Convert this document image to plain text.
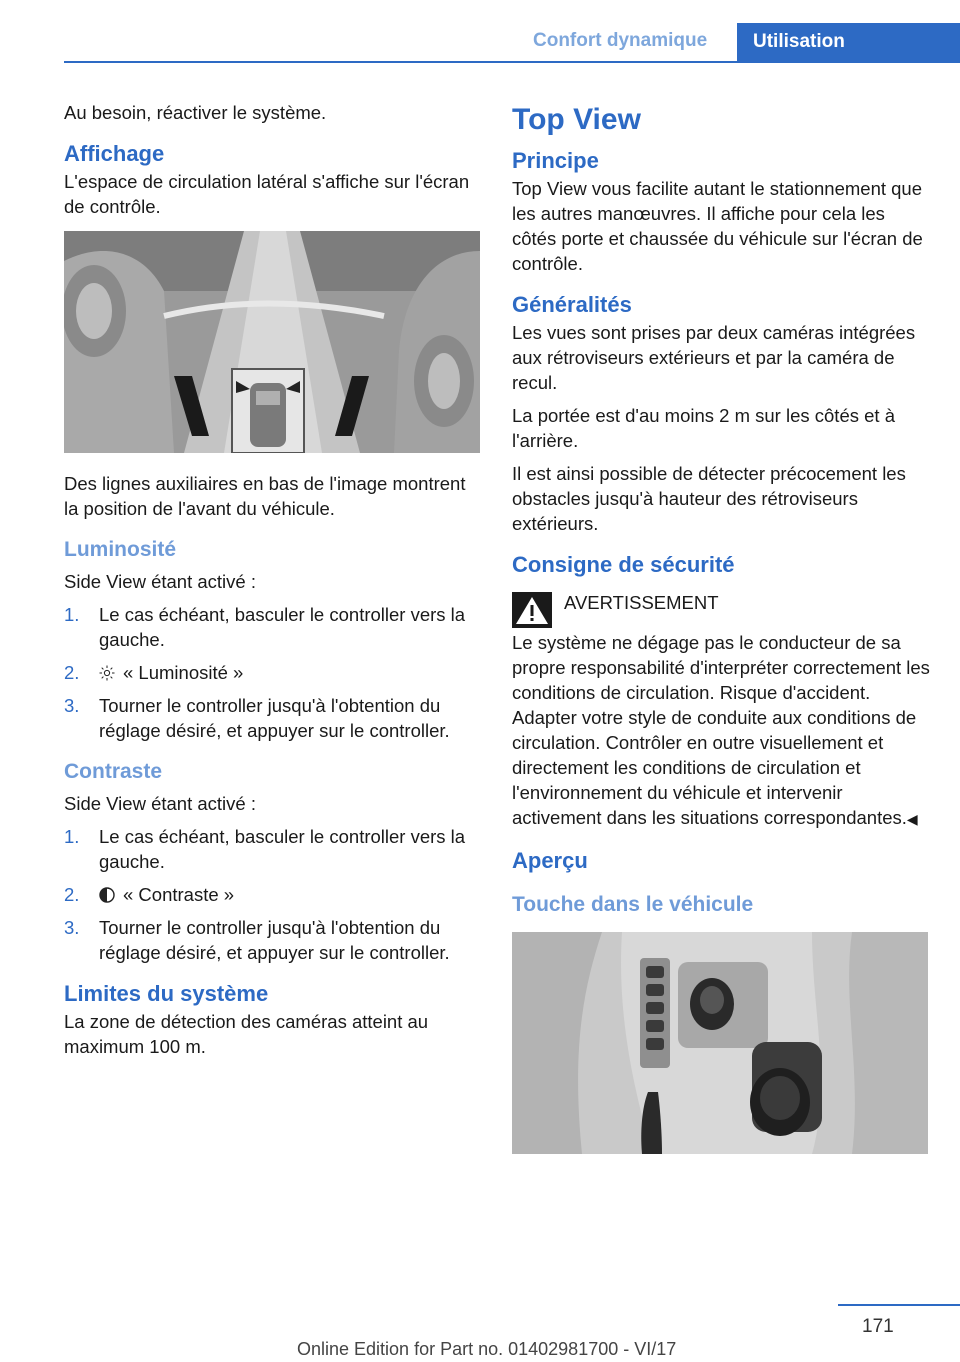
Confort dynamique Utilisation

Au besoin, réactiver le système.

Affichage

L'espace de circulation latéral s'affiche sur l'écran de contrôle.

Des lignes auxiliaires en bas de l'image montrent la position de l'avant du véhicule.

Luminosité

Side View étant activé :

1. Le cas échéant, basculer le controller vers la gauche.
2. « Luminosité »
3. Tourner le controller jusqu'à l'obtention du réglage désiré, et appuyer sur le controller.
Contraste

Side View étant activé :

1. Le cas échéant, basculer le controller vers la gauche.
2. « Contraste »
3. Tourner le controller jusqu'à l'obtention du réglage désiré, et appuyer sur le controller.
Limites du système

La zone de détection des caméras atteint au maximum 100 m.

Top View
Principe

Top View vous facilite autant le stationnement que les autres manœuvres. Il affiche pour cela les côtés porte et chaussée du véhicule sur l'écran de contrôle.

Généralités

Les vues sont prises par deux caméras intégrées aux rétroviseurs extérieurs et par la caméra de recul.

La portée est d'au moins 2 m sur les côtés et à l'arrière.

Il est ainsi possible de détecter précocement les obstacles jusqu'à hauteur des rétroviseurs extérieurs.

Consigne de sécurité
AVERTISSEMENT

Le système ne dégage pas le conducteur de sa propre responsabilité d'interpréter correctement les conditions de circulation. Risque d'accident. Adapter votre style de conduite aux conditions de circulation. Contrôler en outre visuellement et directement les conditions de circulation et l'environnement du véhicule et intervenir activement dans les situations correspondantes.◀

Aperçu
Touche dans le véhicule
171
Online Edition for Part no. 01402981700 - VI/17
